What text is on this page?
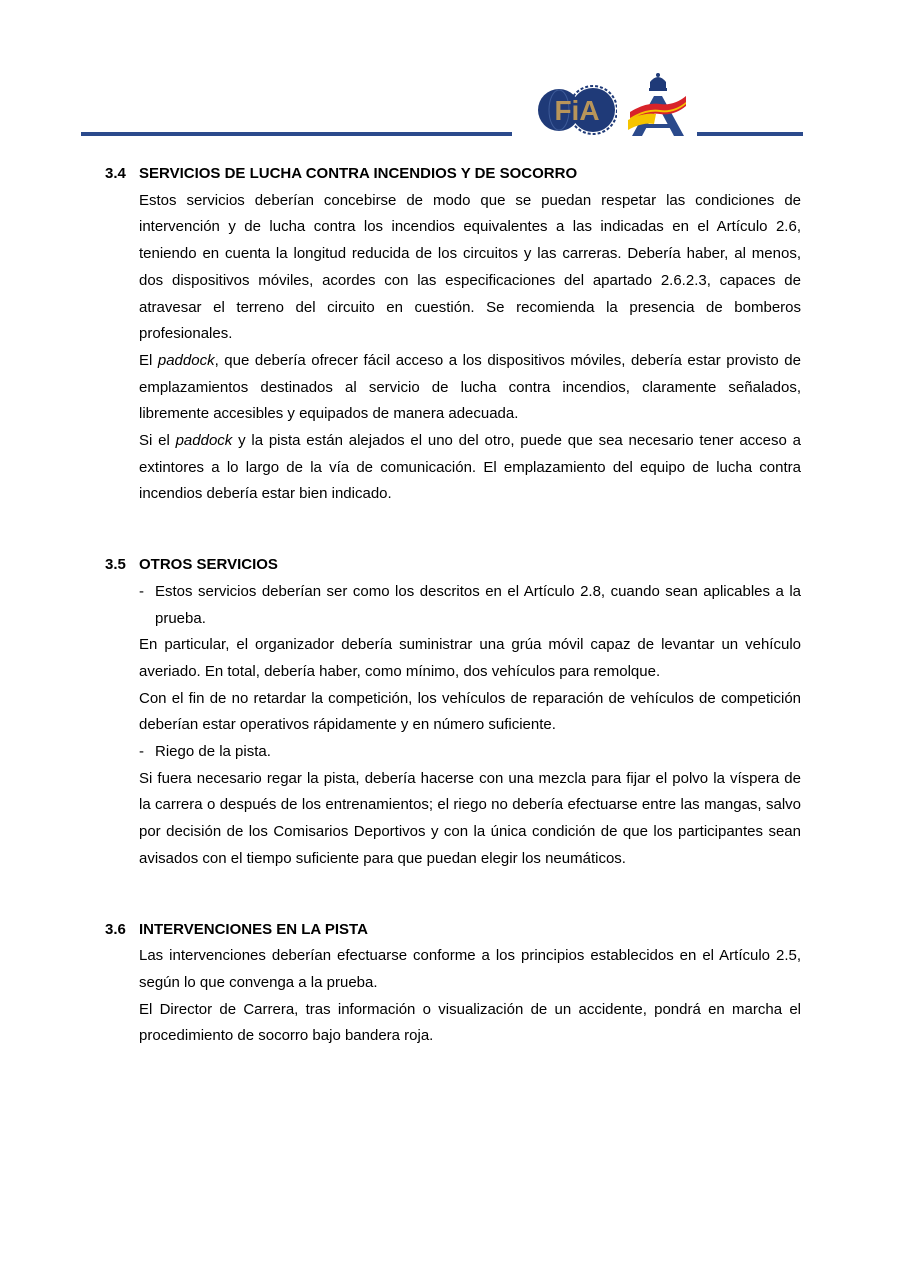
FiA
3.4 SERVICIOS DE LUCHA CONTRA INCENDIOS Y DE SOCORRO
Estos servicios deberían concebirse de modo que se puedan respetar las condiciones de intervención y de lucha contra los incendios equivalentes a las indicadas en el Artículo 2.6, teniendo en cuenta la longitud reducida de los circuitos y las carreras. Debería haber, al menos, dos dispositivos móviles, acordes con las especificaciones del apartado 2.6.2.3, capaces de atravesar el terreno del circuito en cuestión. Se recomienda la presencia de bomberos profesionales.
El paddock, que debería ofrecer fácil acceso a los dispositivos móviles, debería estar provisto de emplazamientos destinados al servicio de lucha contra incendios, claramente señalados, libremente accesibles y equipados de manera adecuada.
Si el paddock y la pista están alejados el uno del otro, puede que sea necesario tener acceso a extintores a lo largo de la vía de comunicación. El emplazamiento del equipo de lucha contra incendios debería estar bien indicado.
3.5 OTROS SERVICIOS
- Estos servicios deberían ser como los descritos en el Artículo 2.8, cuando sean aplicables a la prueba.
En particular, el organizador debería suministrar una grúa móvil capaz de levantar un vehículo averiado. En total, debería haber, como mínimo, dos vehículos para remolque.
Con el fin de no retardar la competición, los vehículos de reparación de vehículos de competición deberían estar operativos rápidamente y en número suficiente.
- Riego de la pista.
Si fuera necesario regar la pista, debería hacerse con una mezcla para fijar el polvo la víspera de la carrera o después de los entrenamientos; el riego no debería efectuarse entre las mangas, salvo por decisión de los Comisarios Deportivos y con la única condición de que los participantes sean avisados con el tiempo suficiente para que puedan elegir los neumáticos.
3.6 INTERVENCIONES EN LA PISTA
Las intervenciones deberían efectuarse conforme a los principios establecidos en el Artículo 2.5, según lo que convenga a la prueba.
El Director de Carrera, tras información o visualización de un accidente, pondrá en marcha el procedimiento de socorro bajo bandera roja.
